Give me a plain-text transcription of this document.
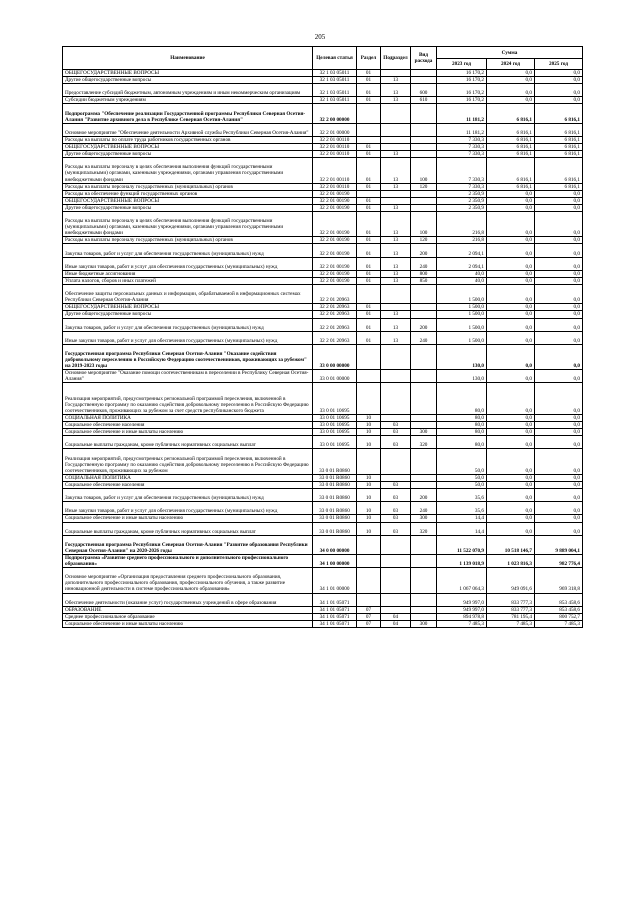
205
Наименование	Целевая статья	Раздел	Подраздел	Вид расхода	Сумма		
					2023 год	2024 год	2025 год
ОБЩЕГОСУДАРСТВЕННЫЕ ВОПРОСЫ	32 1 03 05011	01			16 170,2	0,0	0,0
Другие общегосударственные вопросы	32 1 03 05011	01	13		16 170,2	0,0	0,0
Предоставление субсидий бюджетным, автономным учреждениям и иным некоммерческим организациям	32 1 03 05011	01	13	600	16 170,2	0,0	0,0
Субсидии бюджетным учреждениям	32 1 03 05011	01	13	610	16 170,2	0,0	0,0
Подпрограмма "Обеспечение реализации Государственной программы Республики Северная Осетия-Алания "Развитие архивного дела в Республике Северная Осетия-Алания"	32 2 00 00000				11 181,2	6 816,1	6 816,1
Основное мероприятие "Обеспечение деятельности Архивной службы Республики Северная Осетия-Алания"	32 2 01 00000				11 181,2	6 816,1	6 816,1
Расходы на выплаты по оплате труда работников государственных органов	32 2 01 00110				7 330,3	6 816,1	6 816,1
ОБЩЕГОСУДАРСТВЕННЫЕ ВОПРОСЫ	32 2 01 00110	01			7 330,3	6 816,1	6 816,1
Другие общегосударственные вопросы	32 2 01 00110	01	13		7 330,3	6 816,1	6 816,1
Расходы на выплаты персоналу в целях обеспечения выполнения функций государственными (муниципальными) органами, казенными учреждениями, органами управления государственными внебюджетными фондами	32 2 01 00110	01	13	100	7 330,3	6 816,1	6 816,1
Расходы на выплаты персоналу государственных (муниципальных) органов	32 2 01 00110	01	13	120	7 330,3	6 816,1	6 816,1
Расходы на обеспечение функций государственных органов	32 2 01 00190				2 350,9	0,0	0,0
ОБЩЕГОСУДАРСТВЕННЫЕ ВОПРОСЫ	32 2 01 00190	01			2 350,9	0,0	0,0
Другие общегосударственные вопросы	32 2 01 00190	01	13		2 350,9	0,0	0,0
Расходы на выплаты персоналу в целях обеспечения выполнения функций государственными (муниципальными) органами, казенными учреждениями, органами управления государственными внебюджетными фондами	32 2 01 00190	01	13	100	216,8	0,0	0,0
Расходы на выплаты персоналу государственных (муниципальных) органов	32 2 01 00190	01	13	120	216,8	0,0	0,0
Закупка товаров, работ и услуг для обеспечения государственных (муниципальных) нужд	32 2 01 00190	01	13	200	2 094,1	0,0	0,0
Иные закупки товаров, работ и услуг для обеспечения государственных (муниципальных) нужд	32 2 01 00190	01	13	240	2 094,1	0,0	0,0
Иные бюджетные ассигнования	32 2 01 00190	01	13	800	40,0	0,0	0,0
Уплата налогов, сборов и иных платежей	32 2 01 00190	01	13	850	40,0	0,0	0,0
Обеспечение защиты персональных данных и информации, обрабатываемой в информационных системах Республики Северная Осетия-Алания	32 2 01 20963				1 500,0	0,0	0,0
ОБЩЕГОСУДАРСТВЕННЫЕ ВОПРОСЫ	32 2 01 20963	01			1 500,0	0,0	0,0
Другие общегосударственные вопросы	32 2 01 20963	01	13		1 500,0	0,0	0,0
Закупка товаров, работ и услуг для обеспечения государственных (муниципальных) нужд	32 2 01 20963	01	13	200	1 500,0	0,0	0,0
Иные закупки товаров, работ и услуг для обеспечения государственных (муниципальных) нужд	32 2 01 20963	01	13	240	1 500,0	0,0	0,0
Государственная программа Республики Северная Осетия-Алания "Оказание содействия добровольному переселению в Российскую Федерацию соотечественников, проживающих за рубежом" на 2019-2023 годы	33 0 00 00000				130,0	0,0	0,0
Основное мероприятие "Оказание помощи соотечественникам в переселении в Республику Северная Осетия-Алания"	33 0 01 00000				130,0	0,0	0,0
Реализация мероприятий, предусмотренных региональной программой переселения, включенной в Государственную программу по оказанию содействия добровольному переселению в Российскую Федерацию соотечественников, проживающих за рубежом за счет средств республиканского бюджета	33 0 01 10695				80,0	0,0	0,0
СОЦИАЛЬНАЯ ПОЛИТИКА	33 0 01 10695	10			80,0	0,0	0,0
Социальное обеспечение населения	33 0 01 10695	10	03		80,0	0,0	0,0
Социальное обеспечение и иные выплаты населению	33 0 01 10695	10	03	300	80,0	0,0	0,0
Социальные выплаты гражданам, кроме публичных нормативных социальных выплат	33 0 01 10695	10	03	320	80,0	0,0	0,0
Реализация мероприятий, предусмотренных региональной программой переселения, включенной в Государственную программу по оказанию содействия добровольному переселению в Российскую Федерацию соотечественников, проживающих за рубежом	33 0 01 R0860				50,0	0,0	0,0
СОЦИАЛЬНАЯ ПОЛИТИКА	33 0 01 R0860	10			50,0	0,0	0,0
Социальное обеспечение населения	33 0 01 R0860	10	03		50,0	0,0	0,0
Закупка товаров, работ и услуг для обеспечения государственных (муниципальных) нужд	33 0 01 R0860	10	03	200	35,6	0,0	0,0
Иные закупки товаров, работ и услуг для обеспечения государственных (муниципальных) нужд	33 0 01 R0860	10	03	240	35,6	0,0	0,0
Социальное обеспечение и иные выплаты населению	33 0 01 R0860	10	03	300	14,4	0,0	0,0
Социальные выплаты гражданам, кроме публичных нормативных социальных выплат	33 0 01 R0860	10	03	320	14,4	0,0	0,0
Государственная программа Республики Северная Осетия-Алания "Развитие образования Республики Северная Осетия-Алания" на 2020-2026 годы	34 0 00 00000				11 522 070,9	10 518 146,7	9 889 004,1
Подпрограмма «Развитие среднего профессионального и дополнительного профессионального образования»	34 1 00 00000				1 139 018,9	1 023 816,3	982 776,4
Основное мероприятие «Организация предоставления среднего профессионального образования, дополнительного профессионального образования, профессионального обучения, а также развитие инновационной деятельности в системе профессионального образования»	34 1 01 00000				1 067 064,3	949 091,6	969 318,8
Обеспечение деятельности (оказание услуг) государственных учреждений в сфере образования	34 1 01 05071				949 997,0	833 777,3	853 458,6
ОБРАЗОВАНИЕ	34 1 01 05071	07			949 997,0	833 777,3	853 458,6
Среднее профессиональное образование	34 1 01 05071	07	04		894 978,8	781 195,4	800 752,7
Социальное обеспечение и иные выплаты населению	34 1 01 05071	07	04	300	7 485,3	7 485,3	7 485,3
